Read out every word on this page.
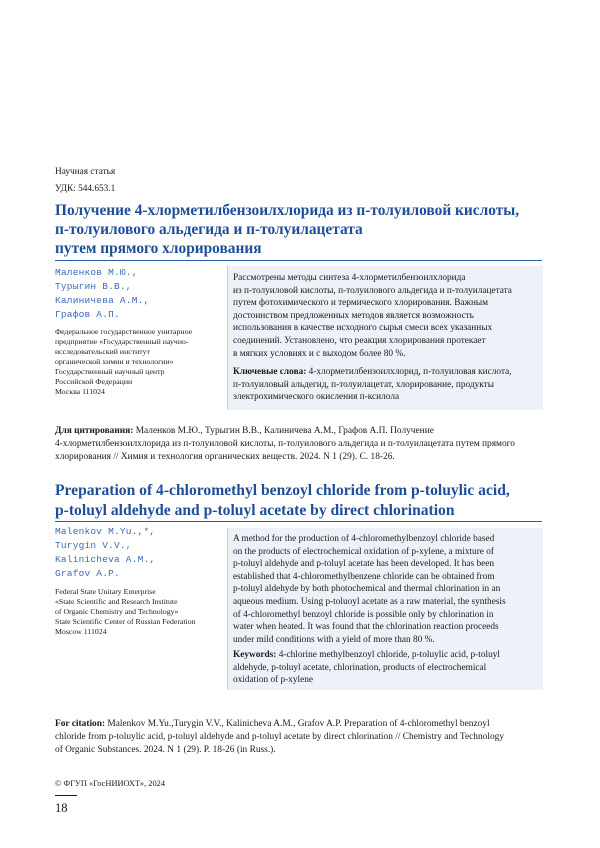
Научная статья
УДК: 544.653.1
Получение 4-хлорметилбензоилхлорида из п-толуиловой кислоты,
п-толуилового альдегида и п-толуилацетата
путем прямого хлорирования
Маленков М.Ю.,
Турыгин В.В.,
Калиничева А.М.,
Графов А.П.
Федеральное государственное унитарное
предприятие «Государственный научно-
исследовательский институт
органической химии и технологии»
Государственный научный центр
Российской Федерации
Москва 111024
Рассмотрены методы синтеза 4-хлорметилбензоилхлорида
из п-толуиловой кислоты, п-толуилового альдегида и п-толуилацетата
путем фотохимического и термического хлорирования. Важным
достоинством предложенных методов является возможность
использования в качестве исходного сырья смеси всех указанных
соединений. Установлено, что реакция хлорирования протекает
в мягких условиях и с выходом более 80 %.
Ключевые слова: 4-хлорметилбензоилхлорид, п-толуиловая кислота,
п-толуиловый альдегид, п-толуилацетат, хлорирование, продукты
электрохимического окисления п-ксилола
Для цитирования: Маленков М.Ю., Турыгин В.В., Калиничева А.М., Графов А.П. Получение
4-хлорметилбензоилхлорида из п-толуиловой кислоты, п-толуилового альдегида и п-толуилацетата путем прямого
хлорирования // Химия и технология органических веществ. 2024. N 1 (29). С. 18-26.
Preparation of 4-chloromethyl benzoyl chloride from p-toluylic acid,
p-toluyl aldehyde and p-toluyl acetate by direct chlorination
Malenkov M.Yu.,*,
Turygin V.V.,
Kalinicheva A.M.,
Grafov A.P.
Federal State Unitary Enterprise
«State Scientific and Research Institute
of Organic Chemistry and Technology»
State Scientific Center of Russian Federation
Moscow 111024
A method for the production of 4-chloromethylbenzoyl chloride based
on the products of electrochemical oxidation of p-xylene, a mixture of
p-toluyl aldehyde and p-toluyl acetate has been developed. It has been
established that 4-chloromethylbenzene chloride can be obtained from
p-toluyl aldehyde by both photochemical and thermal chlorination in an
aqueous medium. Using p-toluoyl acetate as a raw material, the synthesis
of 4-chloromethyl benzoyl chloride is possible only by chlorination in
water when heated. It was found that the chlorination reaction proceeds
under mild conditions with a yield of more than 80 %.
Keywords: 4-chlorine methylbenzoyl chloride, p-toluylic acid, p-toluyl
aldehyde, p-toluyl acetate, chlorination, products of electrochemical
oxidation of p-xylene
For citation: Malenkov M.Yu.,Turygin V.V., Kalinicheva A.M., Grafov A.P. Preparation of 4-chloromethyl benzoyl
chloride from p-toluylic acid, p-toluyl aldehyde and p-toluyl acetate by direct chlorination // Chemistry and Technology
of Organic Substances. 2024. N 1 (29). P. 18-26 (in Russ.).
© ФГУП «ГосНИИОХТ», 2024
18
